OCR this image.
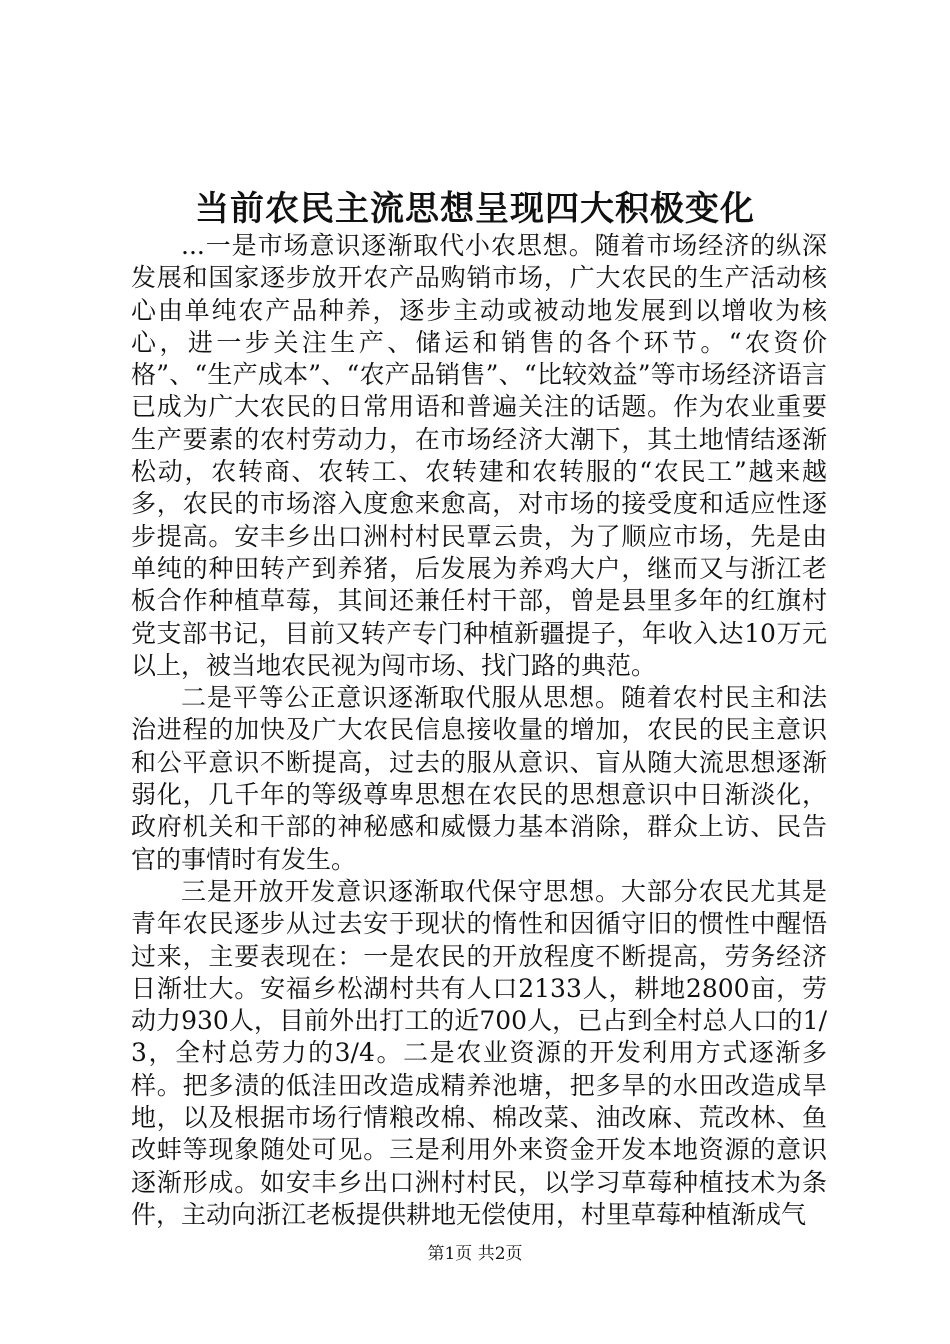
当前农民主流思想呈现四大积极变化

...一是市场意识逐渐取代小农思想。随着市场经济的纵深发展和国家逐步放开农产品购销市场，广大农民的生产活动核心由单纯农产品种养，逐步主动或被动地发展到以增收为核心，进一步关注生产、储运和销售的各个环节。“农资价格”、“生产成本”、“农产品销售”、“比较效益”等市场经济语言已成为广大农民的日常用语和普遍关注的话题。作为农业重要生产要素的农村劳动力，在市场经济大潮下，其土地情结逐渐松动，农转商、农转工、农转建和农转服的“农民工”越来越多，农民的市场溶入度愈来愈高，对市场的接受度和适应性逐步提高。安丰乡出口洲村村民覃云贵，为了顺应市场，先是由单纯的种田转产到养猪，后发展为养鸡大户，继而又与浙江老板合作种植草莓，其间还兼任村干部，曾是县里多年的红旗村党支部书记，目前又转产专门种植新疆提子，年收入达10万元以上，被当地农民视为闯市场、找门路的典范。

二是平等公正意识逐渐取代服从思想。随着农村民主和法治进程的加快及广大农民信息接收量的增加，农民的民主意识和公平意识不断提高，过去的服从意识、盲从随大流思想逐渐弱化，几千年的等级尊卑思想在农民的思想意识中日渐淡化，政府机关和干部的神秘感和威慑力基本消除，群众上访、民告官的事情时有发生。

三是开放开发意识逐渐取代保守思想。大部分农民尤其是青年农民逐步从过去安于现状的惰性和因循守旧的惯性中醒悟过来，主要表现在：一是农民的开放程度不断提高，劳务经济日渐壮大。安福乡松湖村共有人口2133人，耕地2800亩，劳动力930人，目前外出打工的近700人，已占到全村总人口的1/3，全村总劳力的3/4。二是农业资源的开发利用方式逐渐多样。把多渍的低洼田改造成精养池塘，把多旱的水田改造成旱地，以及根据市场行情粮改棉、棉改菜、油改麻、荒改林、鱼改蚌等现象随处可见。三是利用外来资金开发本地资源的意识逐渐形成。如安丰乡出口洲村村民，以学习草莓种植技术为条件，主动向浙江老板提供耕地无偿使用，村里草莓种植渐成气

第1页 共2页
